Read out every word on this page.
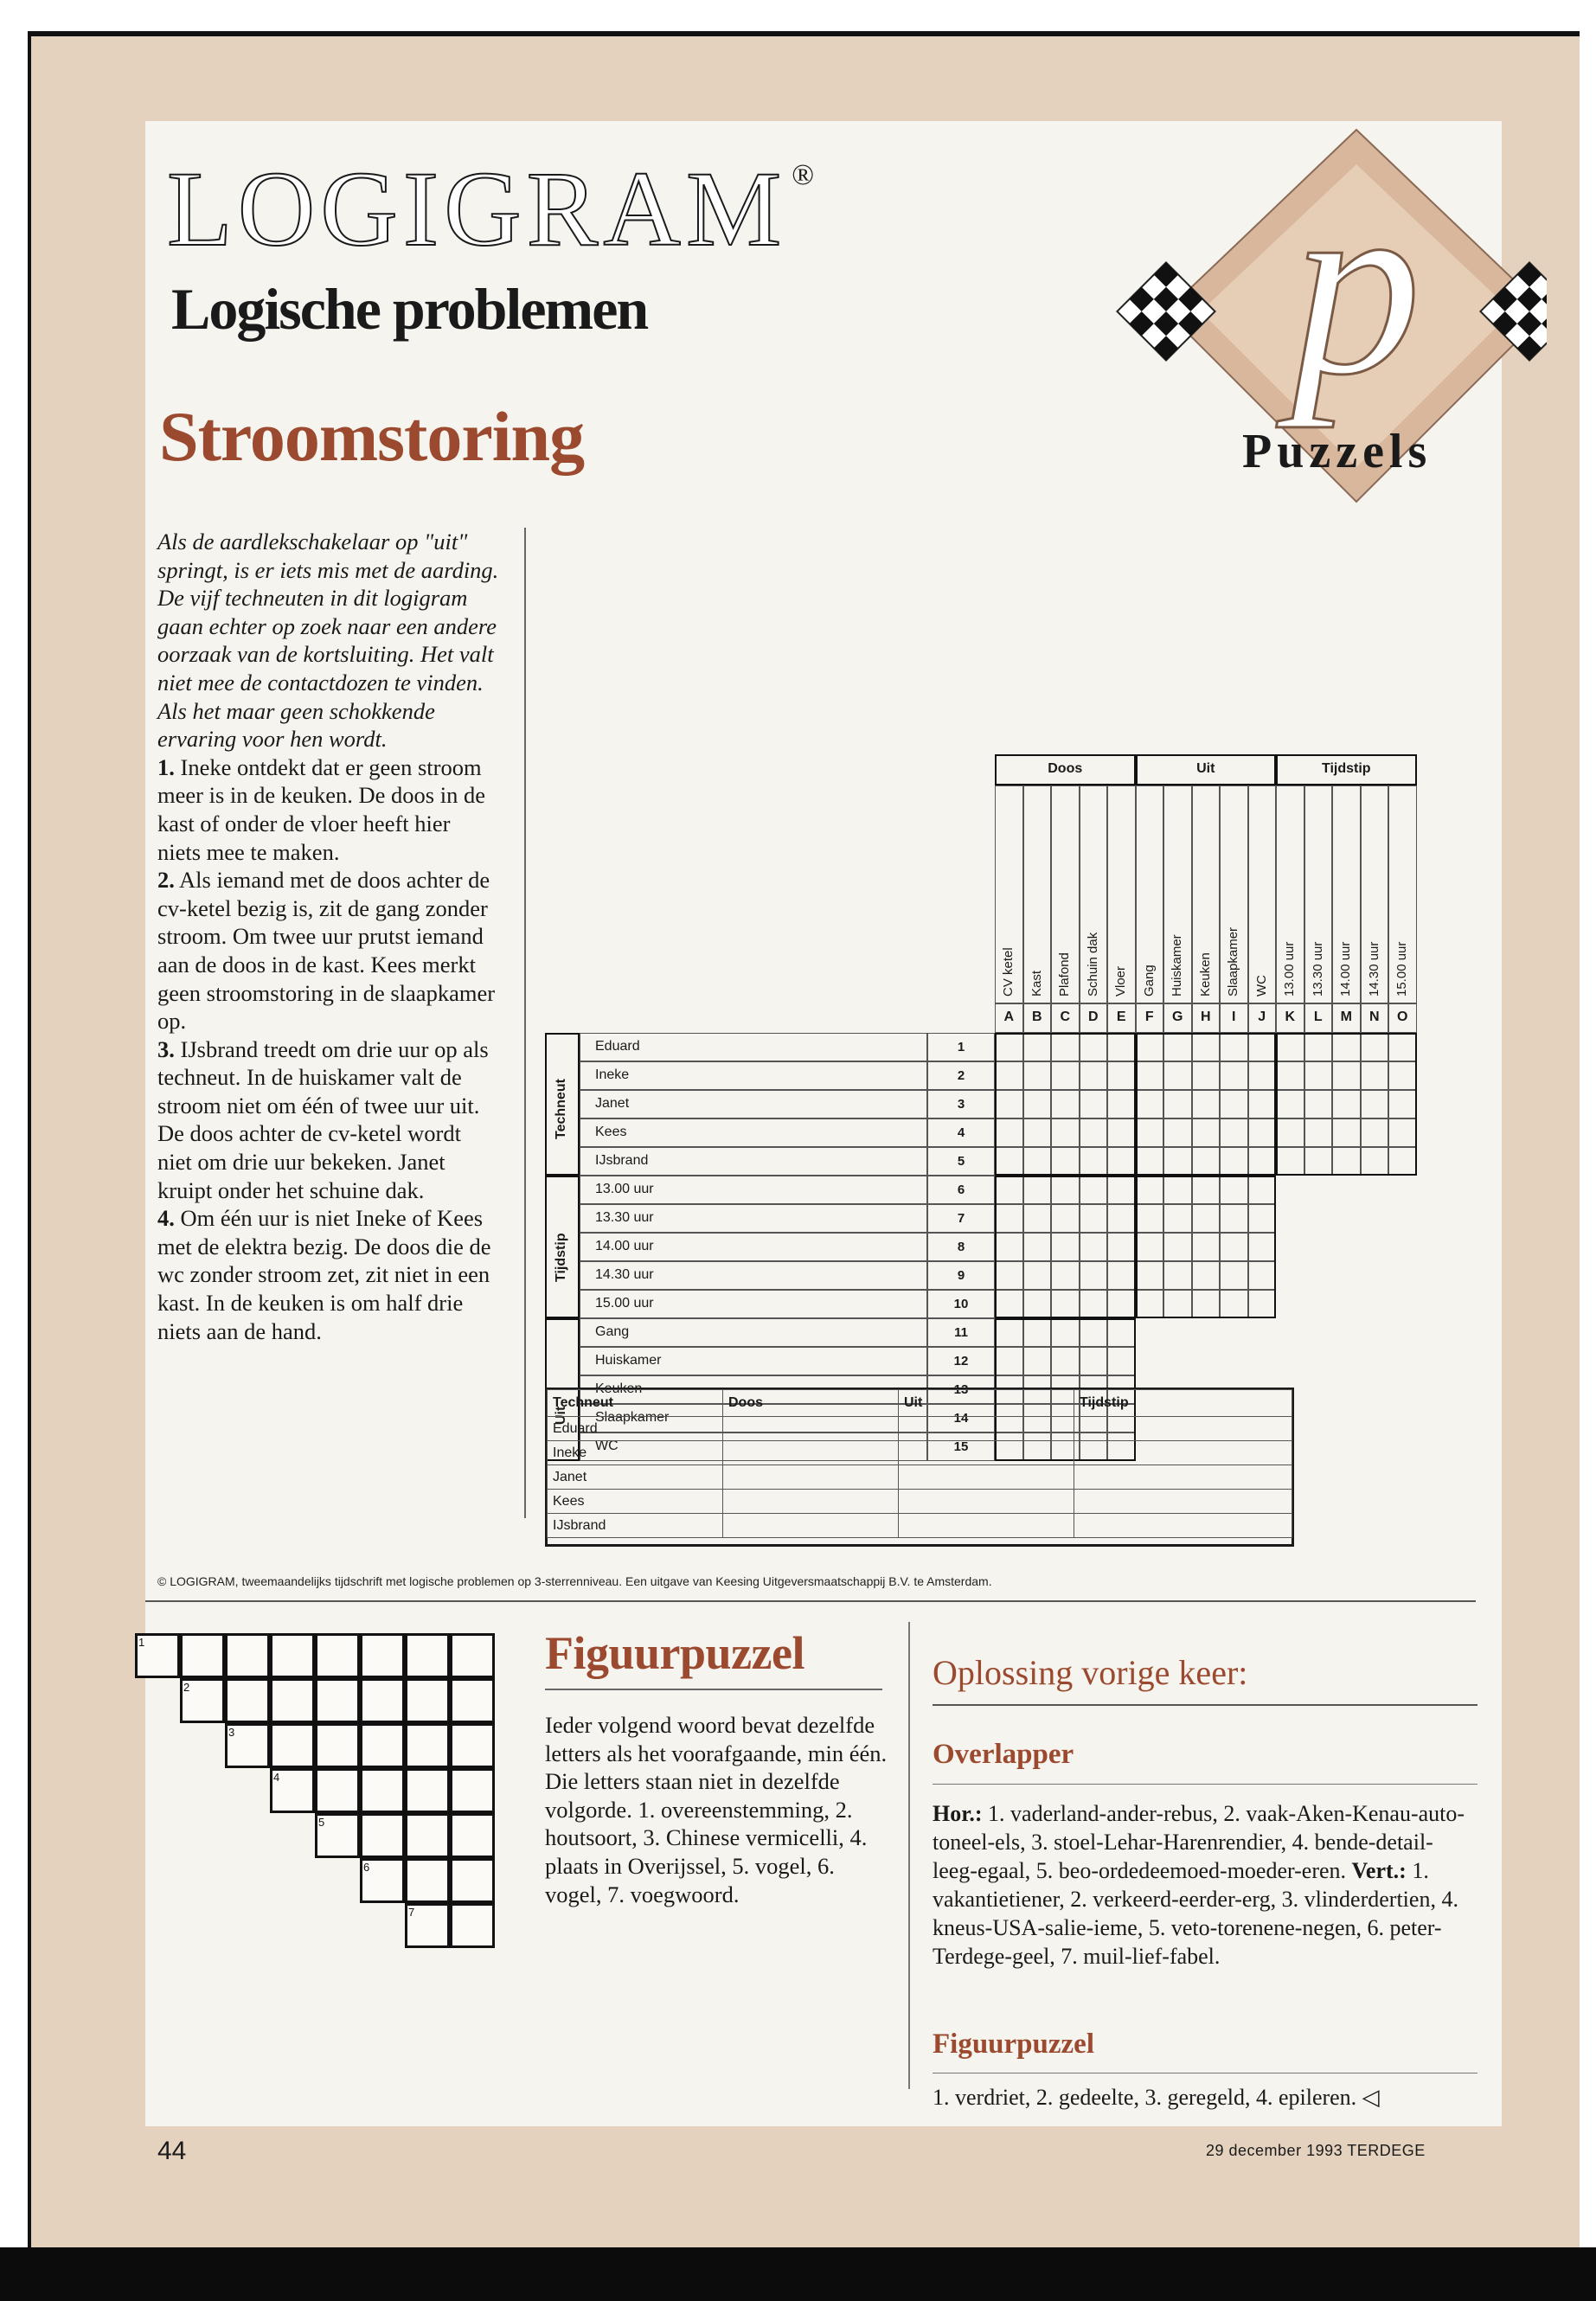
LOGIGRAM ®
Logische problemen
Stroomstoring
p
Puzzels

Als de aardlekschakelaar op "uit" springt, is er iets mis met de aarding. De vijf techneuten in dit logigram gaan echter op zoek naar een andere oorzaak van de kortsluiting. Het valt niet mee de contactdozen te vinden. Als het maar geen schokkende ervaring voor hen wordt.

1. Ineke ontdekt dat er geen stroom meer is in de keuken. De doos in de kast of onder de vloer heeft hier niets mee te maken.

2. Als iemand met de doos achter de cv-ketel bezig is, zit de gang zonder stroom. Om twee uur prutst iemand aan de doos in de kast. Kees merkt geen stroomstoring in de slaapkamer op.

3. IJsbrand treedt om drie uur op als techneut. In de huiskamer valt de stroom niet om één of twee uur uit. De doos achter de cv-ketel wordt niet om drie uur bekeken. Janet kruipt onder het schuine dak.

4. Om één uur is niet Ineke of Kees met de elektra bezig. De doos die de wc zonder stroom zet, zit niet in een kast. In de keuken is om half drie niets aan de hand.

Doos
CV ketel
A
Kast
B
Plafond
C
Schuin dak
D
Vloer
E
Uit
Gang
F
Huiskamer
G
Keuken
H
Slaapkamer
I
WC
J
Tijdstip
13.00 uur
K
13.30 uur
L
14.00 uur
M
14.30 uur
N
15.00 uur
O
Techneut
Eduard	1
Ineke	2
Janet	3
Kees	4
IJsbrand	5
Tijdstip
13.00 uur	6
13.30 uur	7
14.00 uur	8
14.30 uur	9
15.00 uur	10
Uit
Gang	11
Huiskamer	12
Keuken	13
Slaapkamer	14
WC	15
Techneut	Doos	Uit	Tijdstip
Eduard			
Ineke			
Janet			
Kees			
IJsbrand			
© LOGIGRAM, tweemaandelijks tijdschrift met logische problemen op 3-sterrenniveau. Een uitgave van Keesing Uitgeversmaatschappij B.V. te Amsterdam.
1
2
3
4
5
6
7
Figuurpuzzel
Ieder volgend woord bevat dezelfde letters als het voorafgaande, min één. Die letters staan niet in dezelfde volgorde. 1. overeenstemming, 2. houtsoort, 3. Chinese vermicelli, 4. plaats in Overijssel, 5. vogel, 6. vogel, 7. voegwoord.
Oplossing vorige keer:
Overlapper
Hor.: 1. vaderland-ander-rebus, 2. vaak-Aken-Kenau-auto-toneel-els, 3. stoel-Lehar-Harenrendier, 4. bende-detail-leeg-egaal, 5. beo-ordedeemoed-moeder-eren. Vert.: 1. vakantietiener, 2. verkeerd-eerder-erg, 3. vlinderdertien, 4. kneus-USA-salie-ieme, 5. veto-torenene-negen, 6. peter-Terdege-geel, 7. muil-lief-fabel.
Figuurpuzzel
1. verdriet, 2. gedeelte, 3. geregeld, 4. epileren. ◁
44	29 december 1993 TERDEGE
